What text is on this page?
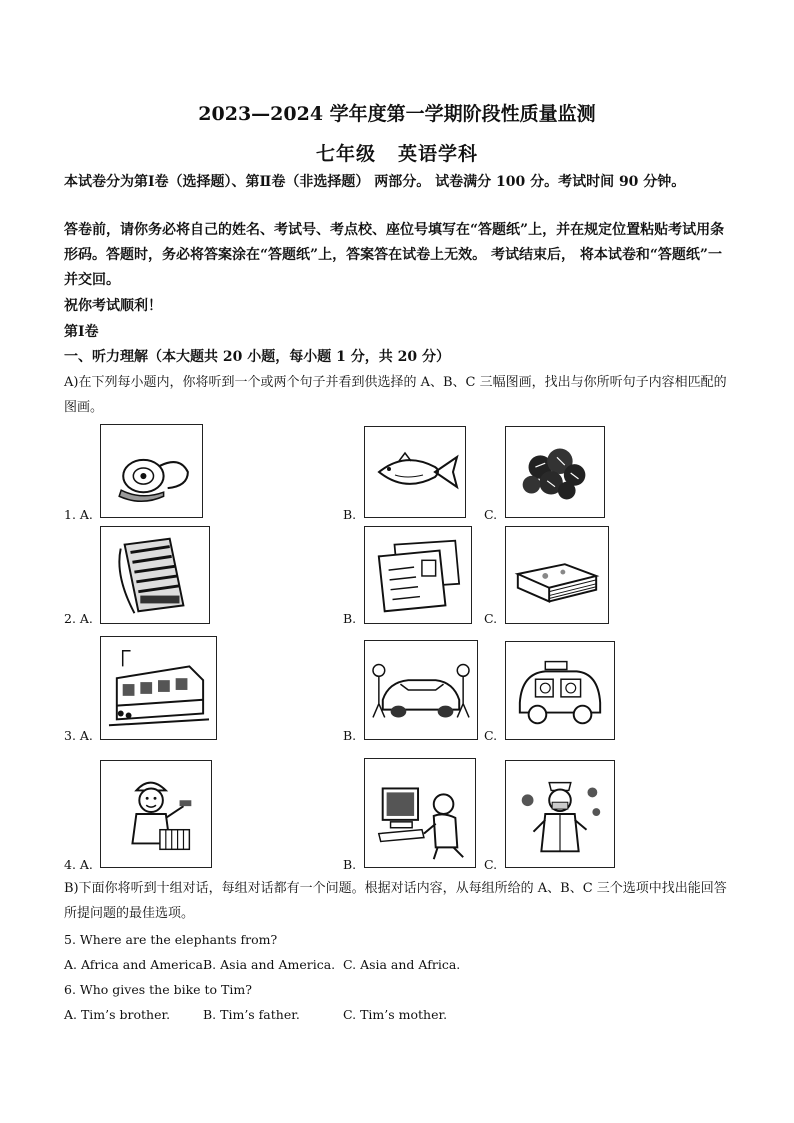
2023—2024 学年度第一学期阶段性质量监测
七年级 英语学科
本试卷分为第Ⅰ卷（选择题）、第Ⅱ卷（非选择题） 两部分。 试卷满分 100 分。考试时间 90 分钟。
答卷前，请你务必将自己的姓名、考试号、考点校、座位号填写在“答题纸”上，并在规定位置粘贴考试用条形码。答题时，务必将答案涂在“答题纸”上，答案答在试卷上无效。 考试结束后， 将本试卷和“答题纸”一并交回。
祝你考试顺利！
第Ⅰ卷
一、听力理解（本大题共 20 小题，每小题 1 分，共 20 分）
A)在下列每小题内，你将听到一个或两个句子并看到供选择的 A、B、C 三幅图画，找出与你所听句子内容相匹配的图画。
1. A.	B.	C.
2. A.	B.	C.
3. A.	B.	C.
4. A.	B.	C.
B)下面你将听到十组对话，每组对话都有一个问题。根据对话内容，从每组所给的 A、B、C 三个选项中找出能回答所提问题的最佳选项。
5. Where are the elephants from?
A. Africa and America.
B. Asia and America. C. Asia and Africa.
6. Who gives the bike to Tim?
A. Tim’s brother.	B. Tim’s father.	C. Tim’s mother.
